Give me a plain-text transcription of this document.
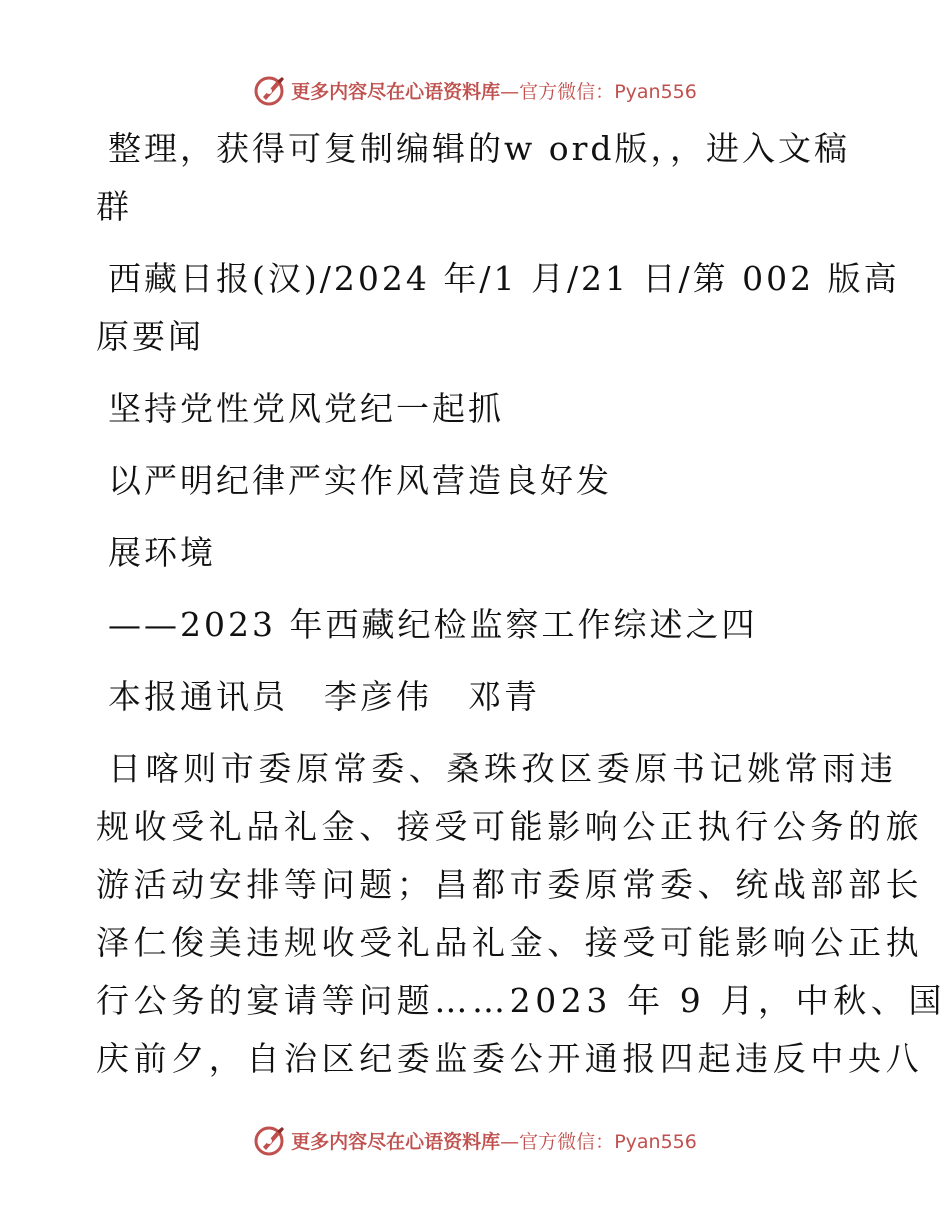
更多内容尽在心语资料库—官方微信：Pyan556
整理，获得可复制编辑的w ord版，，进入文稿
群
西藏日报(汉)/2024 年/1 月/21 日/第 002 版高
原要闻
坚持党性党风党纪一起抓
以严明纪律严实作风营造良好发
展环境
——2023 年西藏纪检监察工作综述之四
本报通讯员　李彦伟　邓青
日喀则市委原常委、桑珠孜区委原书记姚常雨违
规收受礼品礼金、接受可能影响公正执行公务的旅
游活动安排等问题；昌都市委原常委、统战部部长
泽仁俊美违规收受礼品礼金、接受可能影响公正执
行公务的宴请等问题……2023 年 9 月，中秋、国
庆前夕，自治区纪委监委公开通报四起违反中央八
更多内容尽在心语资料库—官方微信：Pyan556
